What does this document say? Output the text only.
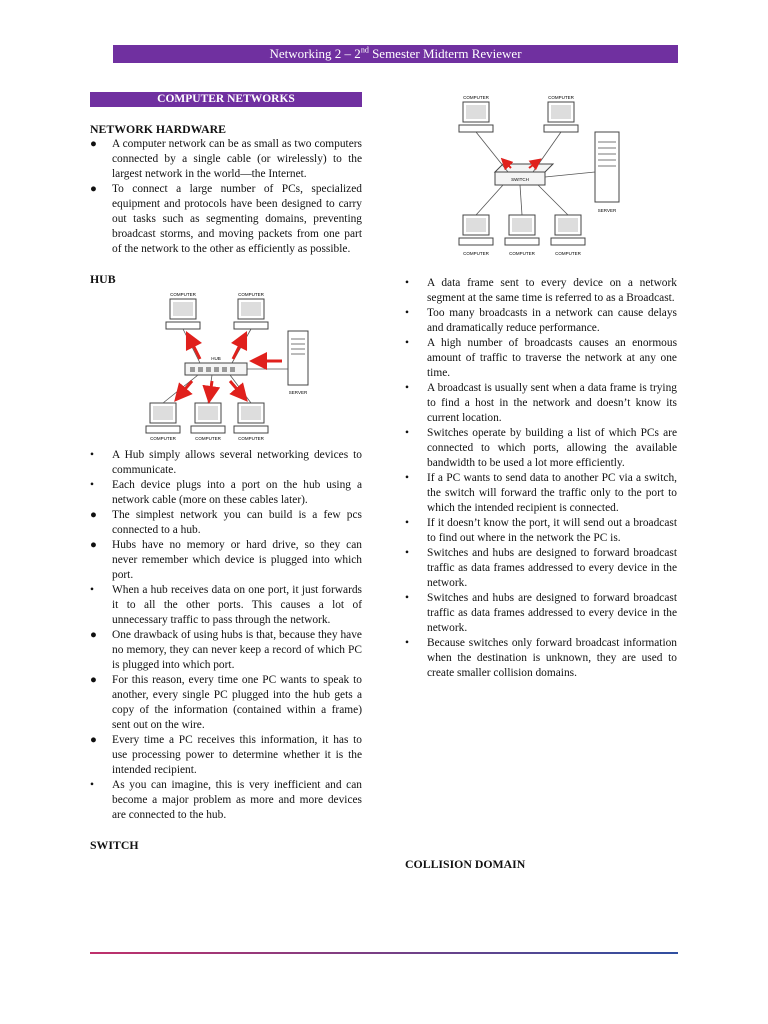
Networking 2 – 2nd Semester Midterm Reviewer
COMPUTER NETWORKS

NETWORK HARDWARE

●	A computer network can be as small as two computers connected by a single cable (or wirelessly) to the largest network in the world—the Internet.
●	To connect a large number of PCs, specialized equipment and protocols have been designed to carry out tasks such as segmenting domains, preventing broadcast storms, and moving packets from one part of the network to the other as efficiently as possible.

HUB

COMPUTER	COMPUTER
HUB
SERVER
COMPUTER	COMPUTER	COMPUTER
•	A Hub simply allows several networking devices to communicate.
•	Each device plugs into a port on the hub using a network cable (more on these cables later).
●	The simplest network you can build is a few pcs connected to a hub.
●	Hubs have no memory or hard drive, so they can never remember which device is plugged into which port.
•	When a hub receives data on one port, it just forwards it to all the other ports. This causes a lot of unnecessary traffic to pass through the network.
●	One drawback of using hubs is that, because they have no memory, they can never keep a record of which PC is plugged into which port.
●	For this reason, every time one PC wants to speak to another, every single PC plugged into the hub gets a copy of the information (contained within a frame) sent out on the wire.
●	Every time a PC receives this information, it has to use processing power to determine whether it is the intended recipient.
•	As you can imagine, this is very inefficient and can become a major problem as more and more devices are connected to the hub.

SWITCH

COMPUTER	COMPUTER
SWITCH
SERVER
COMPUTER	COMPUTER	COMPUTER
•	A data frame sent to every device on a network segment at the same time is referred to as a Broadcast.
•	Too many broadcasts in a network can cause delays and dramatically reduce performance.
•	A high number of broadcasts causes an enormous amount of traffic to traverse the network at any one time.
•	A broadcast is usually sent when a data frame is trying to find a host in the network and doesn’t know its current location.
•	Switches operate by building a list of which PCs are connected to which ports, allowing the available bandwidth to be used a lot more efficiently.
•	If a PC wants to send data to another PC via a switch, the switch will forward the traffic only to the port to which the intended recipient is connected.
•	If it doesn’t know the port, it will send out a broadcast to find out where in the network the PC is.
•	Switches and hubs are designed to forward broadcast traffic as data frames addressed to every device in the network.
•	Switches and hubs are designed to forward broadcast traffic as data frames addressed to every device in the network.
•	Because switches only forward broadcast information when the destination is unknown, they are used to create smaller collision domains.

COLLISION DOMAIN
